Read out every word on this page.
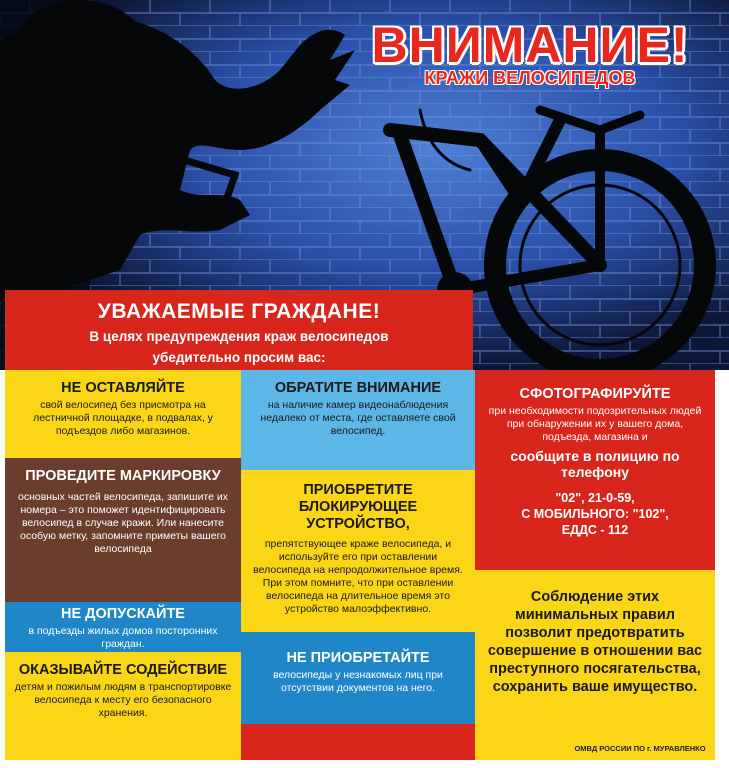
ВНИМАНИЕ!
КРАЖИ ВЕЛОСИПЕДОВ
УВАЖАЕМЫЕ ГРАЖДАНЕ!
В целях предупреждения краж велосипедов
убедительно просим вас:
НЕ ОСТАВЛЯЙТЕ
свой велосипед без присмотра на лестничной площадке, в подвалах, у подъездов либо магазинов.
ПРОВЕДИТЕ МАРКИРОВКУ
основных частей велосипеда, запишите их номера – это поможет идентифицировать велосипед в случае кражи. Или нанесите особую метку, запомните приметы вашего велосипеда
НЕ ДОПУСКАЙТЕ
в подъезды жилых домов посторонних граждан.
ОКАЗЫВАЙТЕ СОДЕЙСТВИЕ
детям и пожилым людям в транспортировке велосипеда к месту его безопасного хранения.
ОБРАТИТЕ ВНИМАНИЕ
на наличие камер видеонаблюдения недалеко от места, где оставляете свой велосипед.
ПРИОБРЕТИТЕ БЛОКИРУЮЩЕЕ УСТРОЙСТВО,
препятствующее краже велосипеда, и используйте его при оставлении велосипеда на непродолжительное время. При этом помните, что при оставлении велосипеда на длительное время это устройство малоэффективно.
НЕ ПРИОБРЕТАЙТЕ
велосипеды у незнакомых лиц при отсутствии документов на него.
СФОТОГРАФИРУЙТЕ
при необходимости подозрительных людей при обнаружении их у вашего дома, подъезда, магазина и
сообщите в полицию по телефону
"02", 21-0-59,
С МОБИЛЬНОГО: "102",
ЕДДС - 112
Соблюдение этих минимальных правил позволит предотвратить совершение в отношении вас преступного посягательства, сохранить ваше имущество.
ОМВД РОССИИ ПО г. МУРАВЛЕНКО
